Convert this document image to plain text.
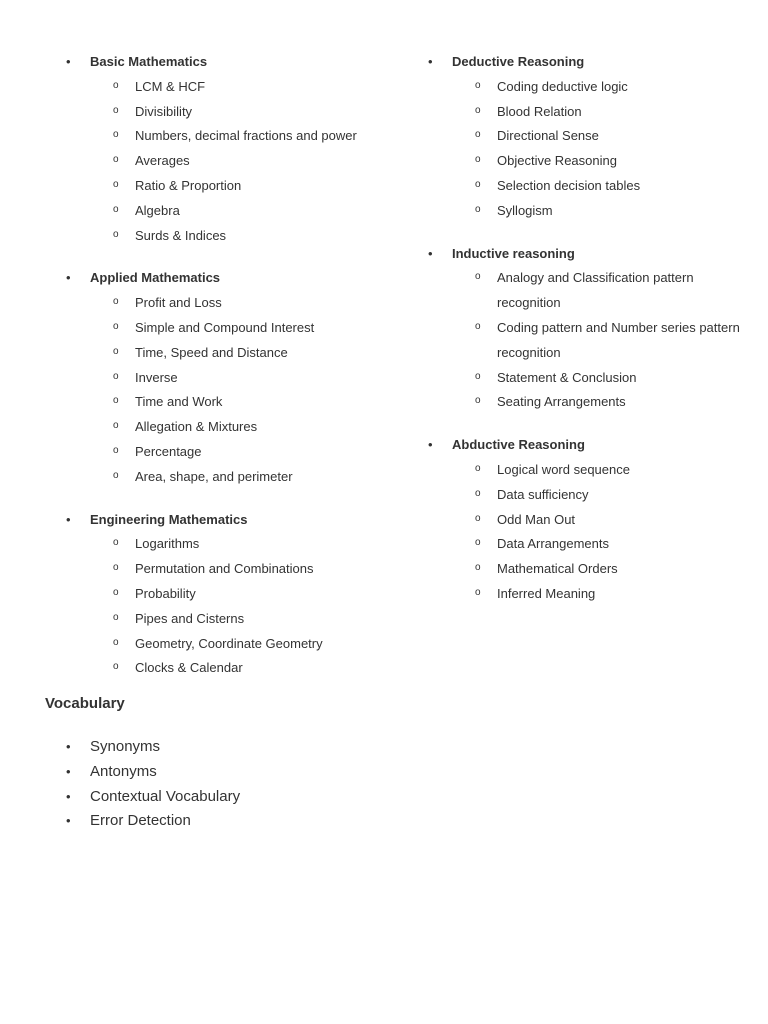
• Basic Mathematics
o LCM & HCF
o Divisibility
o Numbers, decimal fractions and power
o Averages
o Ratio & Proportion
o Algebra
o Surds & Indices
• Applied Mathematics
o Profit and Loss
o Simple and Compound Interest
o Time, Speed and Distance
o Inverse
o Time and Work
o Allegation & Mixtures
o Percentage
o Area, shape, and perimeter
• Engineering Mathematics
o Logarithms
o Permutation and Combinations
o Probability
o Pipes and Cisterns
o Geometry, Coordinate Geometry
o Clocks & Calendar
• Deductive Reasoning
o Coding deductive logic
o Blood Relation
o Directional Sense
o Objective Reasoning
o Selection decision tables
o Syllogism
• Inductive reasoning
o Analogy and Classification pattern recognition
o Coding pattern and Number series pattern recognition
o Statement & Conclusion
o Seating Arrangements
• Abductive Reasoning
o Logical word sequence
o Data sufficiency
o Odd Man Out
o Data Arrangements
o Mathematical Orders
o Inferred Meaning
Vocabulary
• Synonyms
• Antonyms
• Contextual Vocabulary
• Error Detection
